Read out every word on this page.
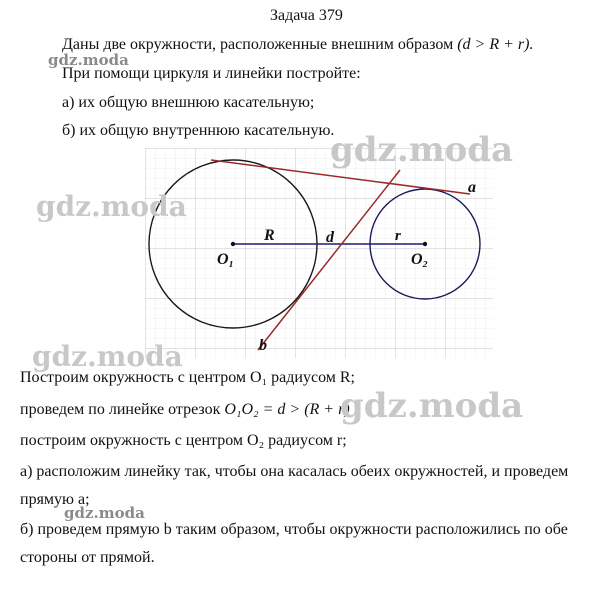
Задача 379
Даны две окружности, расположенные внешним образом (d > R + r).
При помощи циркуля и линейки постройте:
а) их общую внешнюю касательную;
б) их общую внутреннюю касательную.
O₁	O₂
R	r
d
a
b
Построим окружность с центром O₁ радиусом R;
проведем по линейке отрезок O₁O₂ = d > (R + r)
построим окружность с центром O₂ радиусом r;
а) расположим линейку так, чтобы она касалась обеих окружностей, и проведем
прямую a;
б) проведем прямую b таким образом, чтобы окружности расположились по обе
стороны от прямой.
gdz.moda
gdz.moda
gdz.moda
gdz.moda
gdz.moda
gdz.moda
